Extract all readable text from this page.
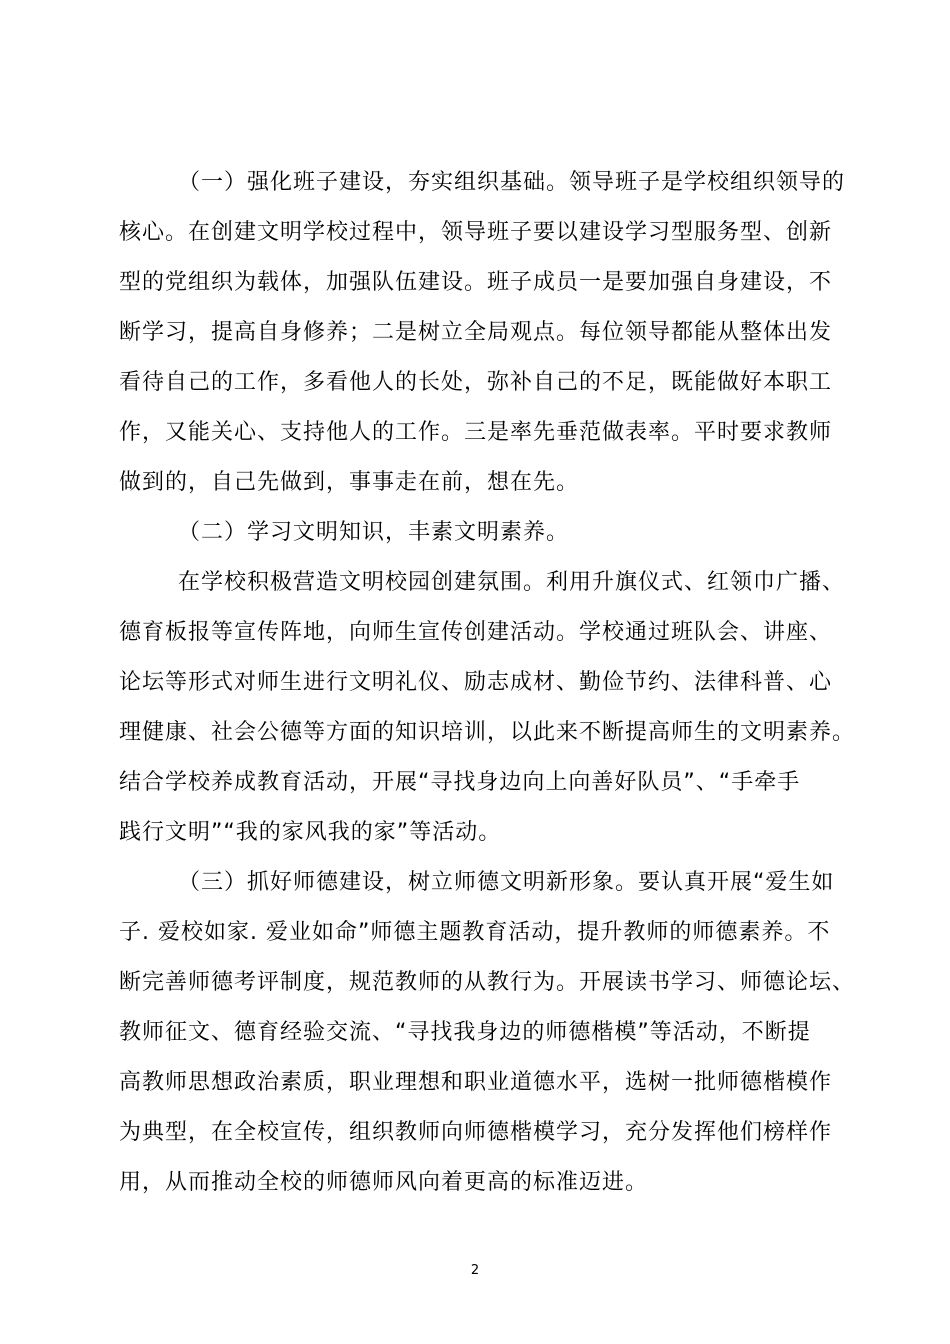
（一）强化班子建设，夯实组织基础。领导班子是学校组织领导的
核心。在创建文明学校过程中，领导班子要以建设学习型服务型、创新
型的党组织为载体，加强队伍建设。班子成员一是要加强自身建设，不
断学习，提高自身修养；二是树立全局观点。每位领导都能从整体出发
看待自己的工作，多看他人的长处，弥补自己的不足，既能做好本职工
作，又能关心、支持他人的工作。三是率先垂范做表率。平时要求教师
做到的，自己先做到，事事走在前，想在先。
（二）学习文明知识，丰素文明素养。
在学校积极营造文明校园创建氛围。利用升旗仪式、红领巾广播、
德育板报等宣传阵地，向师生宣传创建活动。学校通过班队会、讲座、
论坛等形式对师生进行文明礼仪、励志成材、勤俭节约、法律科普、心
理健康、社会公德等方面的知识培训，以此来不断提高师生的文明素养。
结合学校养成教育活动，开展“寻找身边向上向善好队员”、“手牵手
践行文明”“我的家风我的家”等活动。
（三）抓好师德建设，树立师德文明新形象。要认真开展“爱生如
子. 爱校如家. 爱业如命”师德主题教育活动，提升教师的师德素养。不
断完善师德考评制度，规范教师的从教行为。开展读书学习、师德论坛、
教师征文、德育经验交流、“寻找我身边的师德楷模”等活动，不断提
高教师思想政治素质，职业理想和职业道德水平，选树一批师德楷模作
为典型，在全校宣传，组织教师向师德楷模学习，充分发挥他们榜样作
用，从而推动全校的师德师风向着更高的标准迈进。
2
